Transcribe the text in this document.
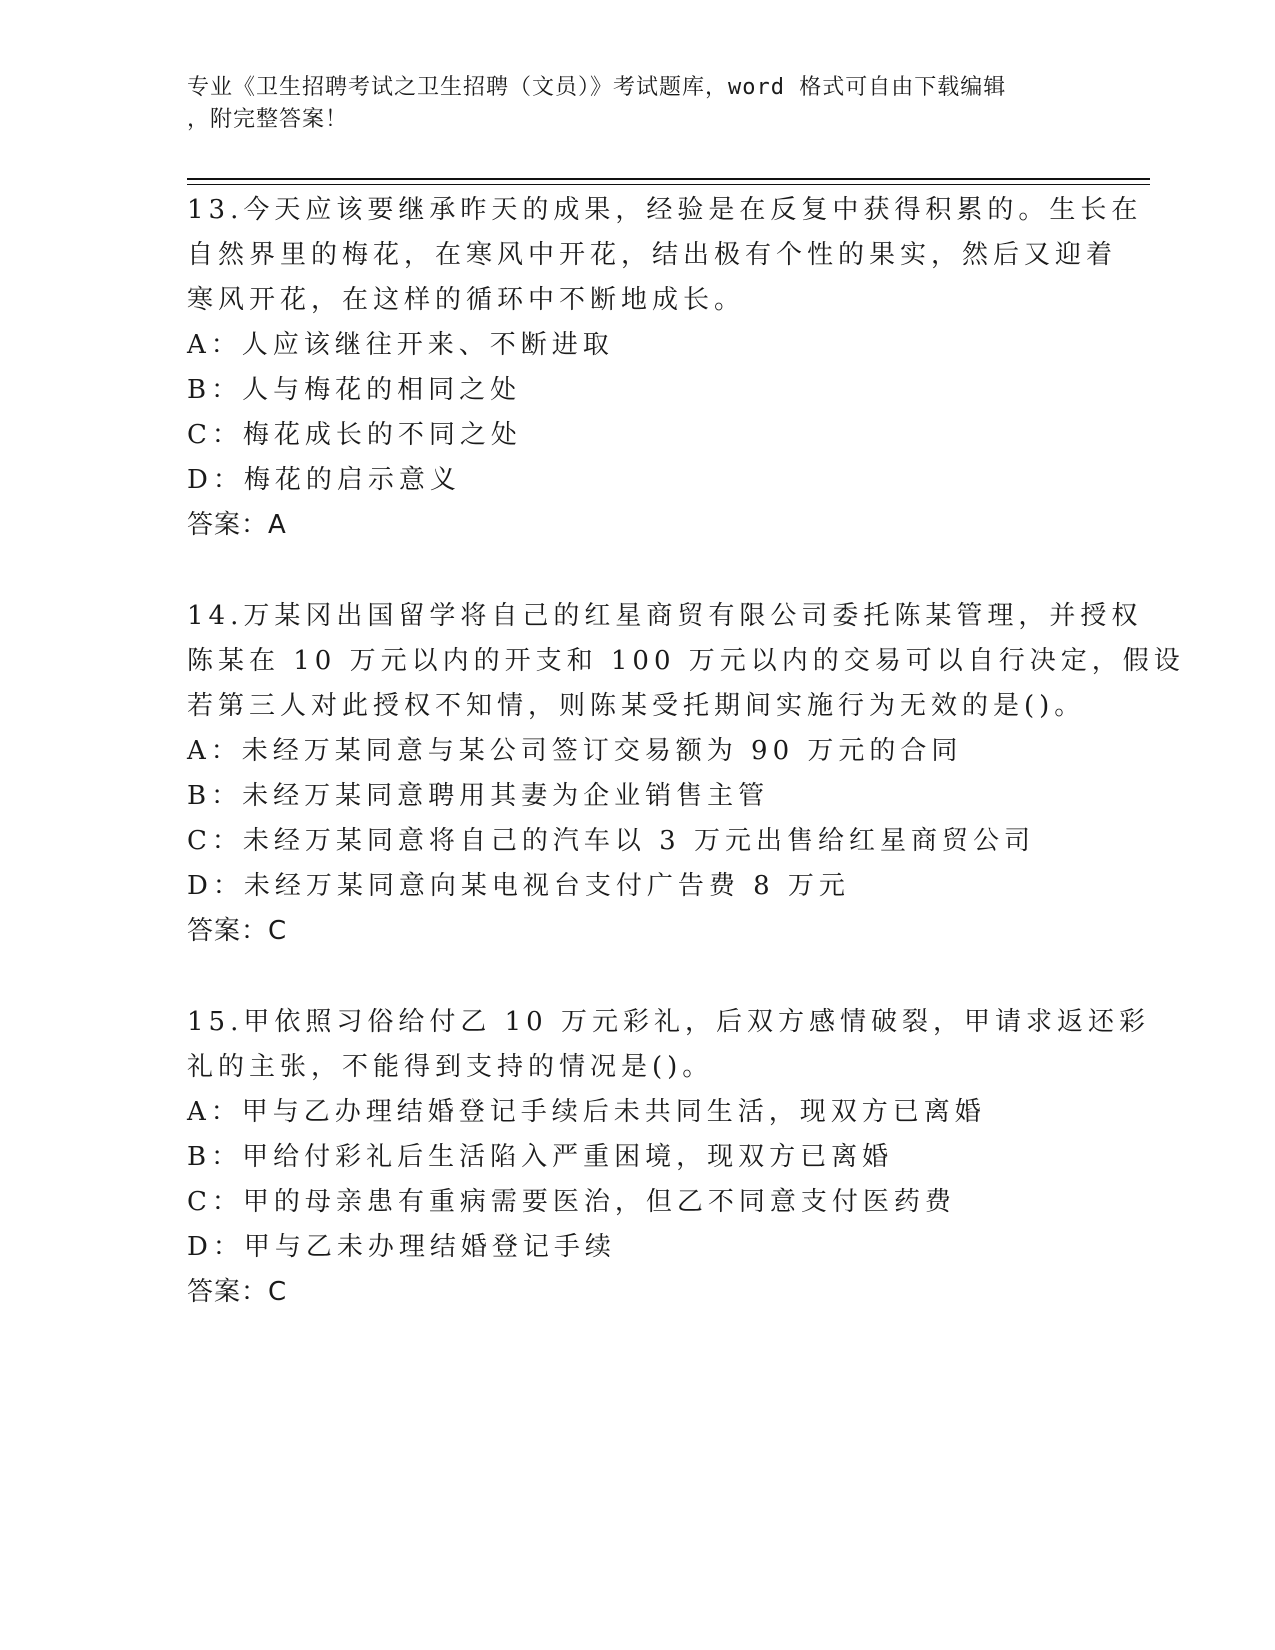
专业《卫生招聘考试之卫生招聘（文员）》考试题库，word 格式可自由下载编辑
，附完整答案！
13.今天应该要继承昨天的成果，经验是在反复中获得积累的。生长在
自然界里的梅花，在寒风中开花，结出极有个性的果实，然后又迎着
寒风开花，在这样的循环中不断地成长。
A：人应该继往开来、不断进取
B：人与梅花的相同之处
C：梅花成长的不同之处
D：梅花的启示意义
答案：A
14.万某冈出国留学将自己的红星商贸有限公司委托陈某管理，并授权
陈某在 10 万元以内的开支和 100 万元以内的交易可以自行决定，假设
若第三人对此授权不知情，则陈某受托期间实施行为无效的是()。
A：未经万某同意与某公司签订交易额为 90 万元的合同
B：未经万某同意聘用其妻为企业销售主管
C：未经万某同意将自己的汽车以 3 万元出售给红星商贸公司
D：未经万某同意向某电视台支付广告费 8 万元
答案：C
15.甲依照习俗给付乙 10 万元彩礼，后双方感情破裂，甲请求返还彩
礼的主张，不能得到支持的情况是()。
A：甲与乙办理结婚登记手续后未共同生活，现双方已离婚
B：甲给付彩礼后生活陷入严重困境，现双方已离婚
C：甲的母亲患有重病需要医治，但乙不同意支付医药费
D：甲与乙未办理结婚登记手续
答案：C
